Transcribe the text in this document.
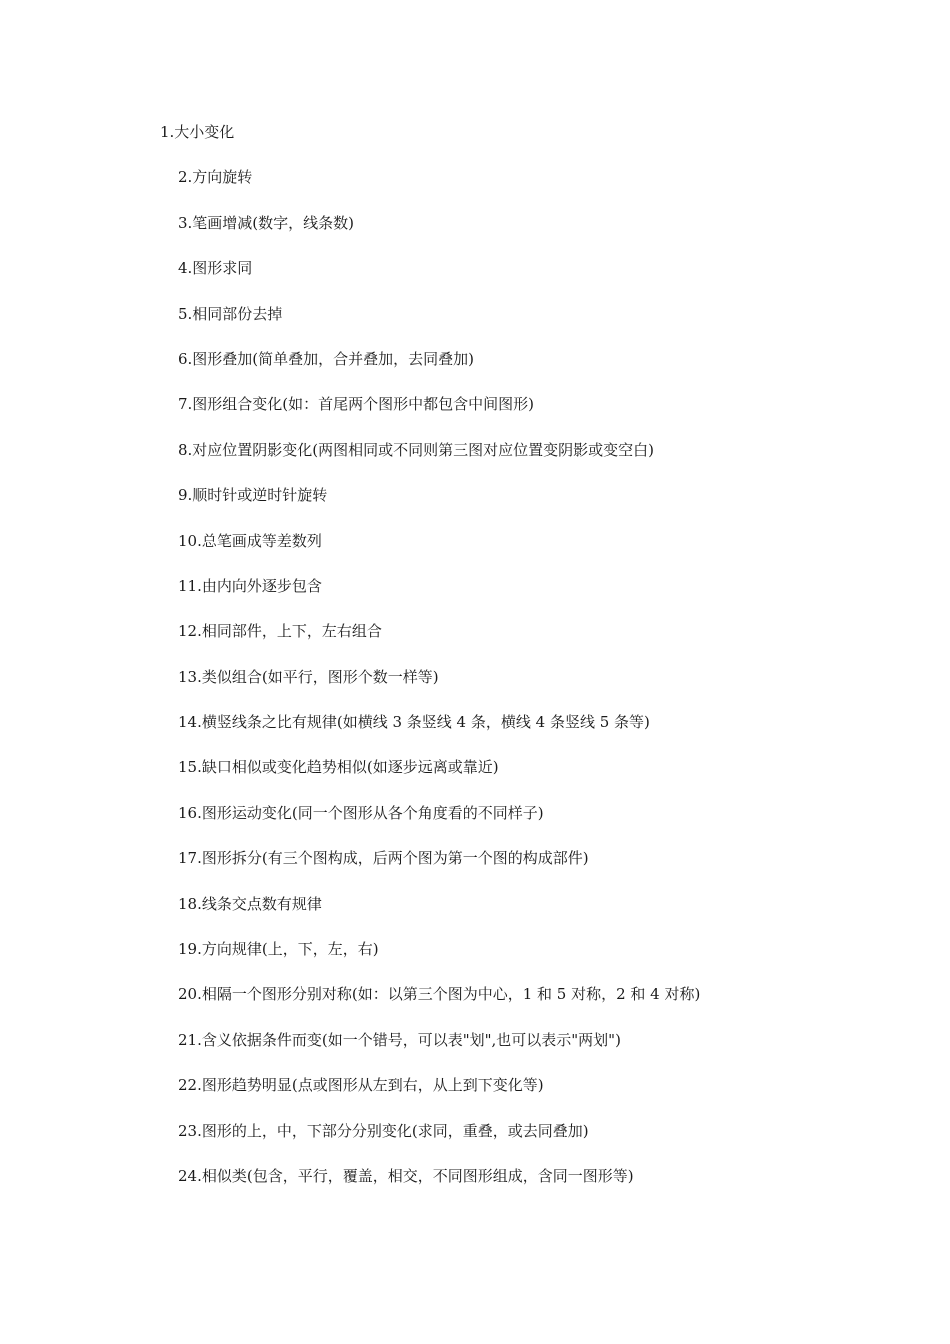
1.大小变化
2.方向旋转
3.笔画增减(数字，线条数)
4.图形求同
5.相同部份去掉
6.图形叠加(简单叠加，合并叠加，去同叠加)
7.图形组合变化(如：首尾两个图形中都包含中间图形)
8.对应位置阴影变化(两图相同或不同则第三图对应位置变阴影或变空白)
9.顺时针或逆时针旋转
10.总笔画成等差数列
11.由内向外逐步包含
12.相同部件，上下，左右组合
13.类似组合(如平行，图形个数一样等)
14.横竖线条之比有规律(如横线 3 条竖线 4 条，横线 4 条竖线 5 条等)
15.缺口相似或变化趋势相似(如逐步远离或靠近)
16.图形运动变化(同一个图形从各个角度看的不同样子)
17.图形拆分(有三个图构成，后两个图为第一个图的构成部件)
18.线条交点数有规律
19.方向规律(上，下，左，右)
20.相隔一个图形分别对称(如：以第三个图为中心，1 和 5 对称，2 和 4 对称)
21.含义依据条件而变(如一个错号，可以表"划",也可以表示"两划")
22.图形趋势明显(点或图形从左到右，从上到下变化等)
23.图形的上，中，下部分分别变化(求同，重叠，或去同叠加)
24.相似类(包含，平行，覆盖，相交，不同图形组成，含同一图形等)
